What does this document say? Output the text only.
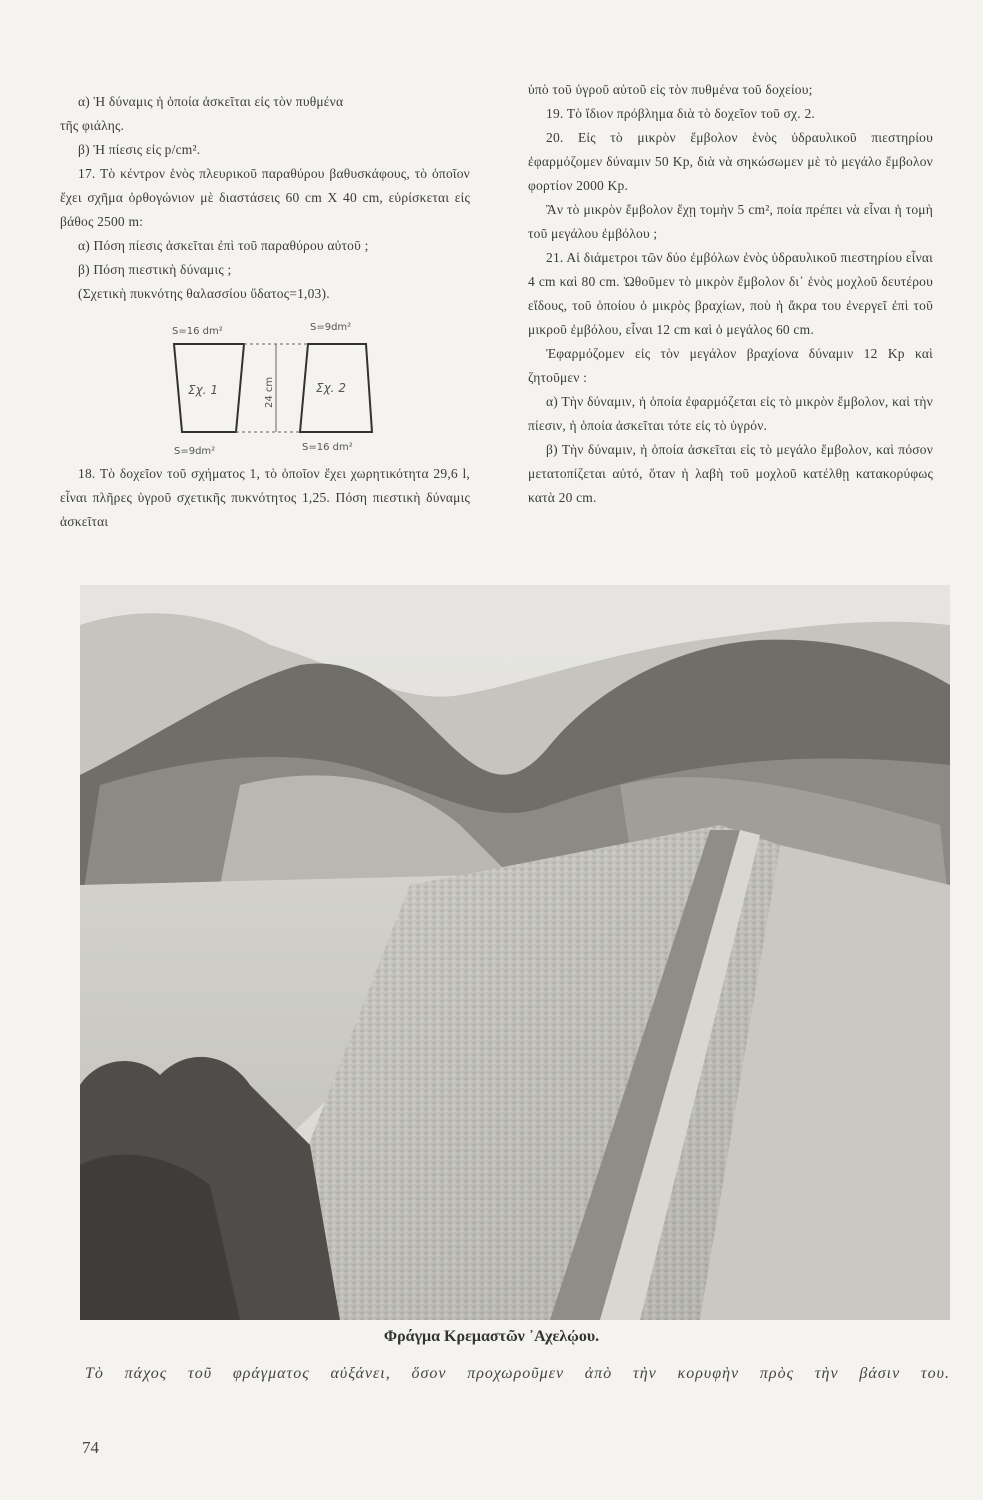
α) Ἡ δύναμις ἡ ὁποία ἀσκεῖται εἰς τὸν πυθμένα

τῆς φιάλης.

β) Ἡ πίεσις εἰς p/cm².

17. Τὸ κέντρον ἑνὸς πλευρικοῦ παραθύρου βαθυσκάφους, τὸ ὁποῖον ἔχει σχῆμα ὀρθογώνιον μὲ διαστάσεις 60 cm X 40 cm, εὑρίσκεται εἰς βάθος 2500 m:

α) Πόση πίεσις ἀσκεῖται ἐπὶ τοῦ παραθύρου αὐτοῦ ;

β) Πόση πιεστικὴ δύναμις ;

(Σχετικὴ πυκνότης θαλασσίου ὕδατος=1,03).

S=16 dm²	S=9dm²
24 cm
Σχ. 1	Σχ. 2
S=9dm²	S=16 dm²

18. Τὸ δοχεῖον τοῦ σχήματος 1, τὸ ὁποῖον ἔχει χωρητικότητα 29,6 l, εἶναι πλῆρες ὑγροῦ σχετικῆς πυκνότητος 1,25. Πόση πιεστικὴ δύναμις ἀσκεῖται

ὑπὸ τοῦ ὑγροῦ αὐτοῦ εἰς τὸν πυθμένα τοῦ δοχείου;

19. Τὸ ἴδιον πρόβλημα διὰ τὸ δοχεῖον τοῦ σχ. 2.

20. Εἰς τὸ μικρὸν ἔμβολον ἑνὸς ὑδραυλικοῦ πιεστηρίου ἐφαρμόζομεν δύναμιν 50 Kp, διὰ νὰ σηκώσωμεν μὲ τὸ μεγάλο ἔμβολον φορτίον 2000 Kp.

Ἂν τὸ μικρὸν ἔμβολον ἔχῃ τομὴν 5 cm², ποία πρέπει νὰ εἶναι ἡ τομὴ τοῦ μεγάλου ἐμβόλου ;

21. Αἱ διάμετροι τῶν δύο ἐμβόλων ἑνὸς ὑδραυλικοῦ πιεστηρίου εἶναι 4 cm καὶ 80 cm. Ὠθοῦμεν τὸ μικρὸν ἔμβολον δι᾽ ἑνὸς μοχλοῦ δευτέρου εἴδους, τοῦ ὁποίου ὁ μικρὸς βραχίων, ποὺ ἡ ἄκρα του ἐνεργεῖ ἐπὶ τοῦ μικροῦ ἐμβόλου, εἶναι 12 cm καὶ ὁ μεγάλος 60 cm.

Ἐφαρμόζομεν εἰς τὸν μεγάλον βραχίονα δύναμιν 12 Kp καὶ ζητοῦμεν :

α) Τὴν δύναμιν, ἡ ὁποία ἐφαρμόζεται εἰς τὸ μικρὸν ἔμβολον, καὶ τὴν πίεσιν, ἡ ὁποία ἀσκεῖται τότε εἰς τὸ ὑγρόν.

β) Τὴν δύναμιν, ἡ ὁποία ἀσκεῖται εἰς τὸ μεγάλο ἔμβολον, καὶ πόσον μετατοπίζεται αὐτό, ὅταν ἡ λαβὴ τοῦ μοχλοῦ κατέλθῃ κατακορύφως κατὰ 20 cm.

Φράγμα Κρεμαστῶν ᾿Αχελῴου.
Τὸ πάχος τοῦ φράγματος αὐξάνει, ὅσον προχωροῦμεν ἀπὸ τὴν κορυφὴν πρὸς τὴν βάσιν του.
74
